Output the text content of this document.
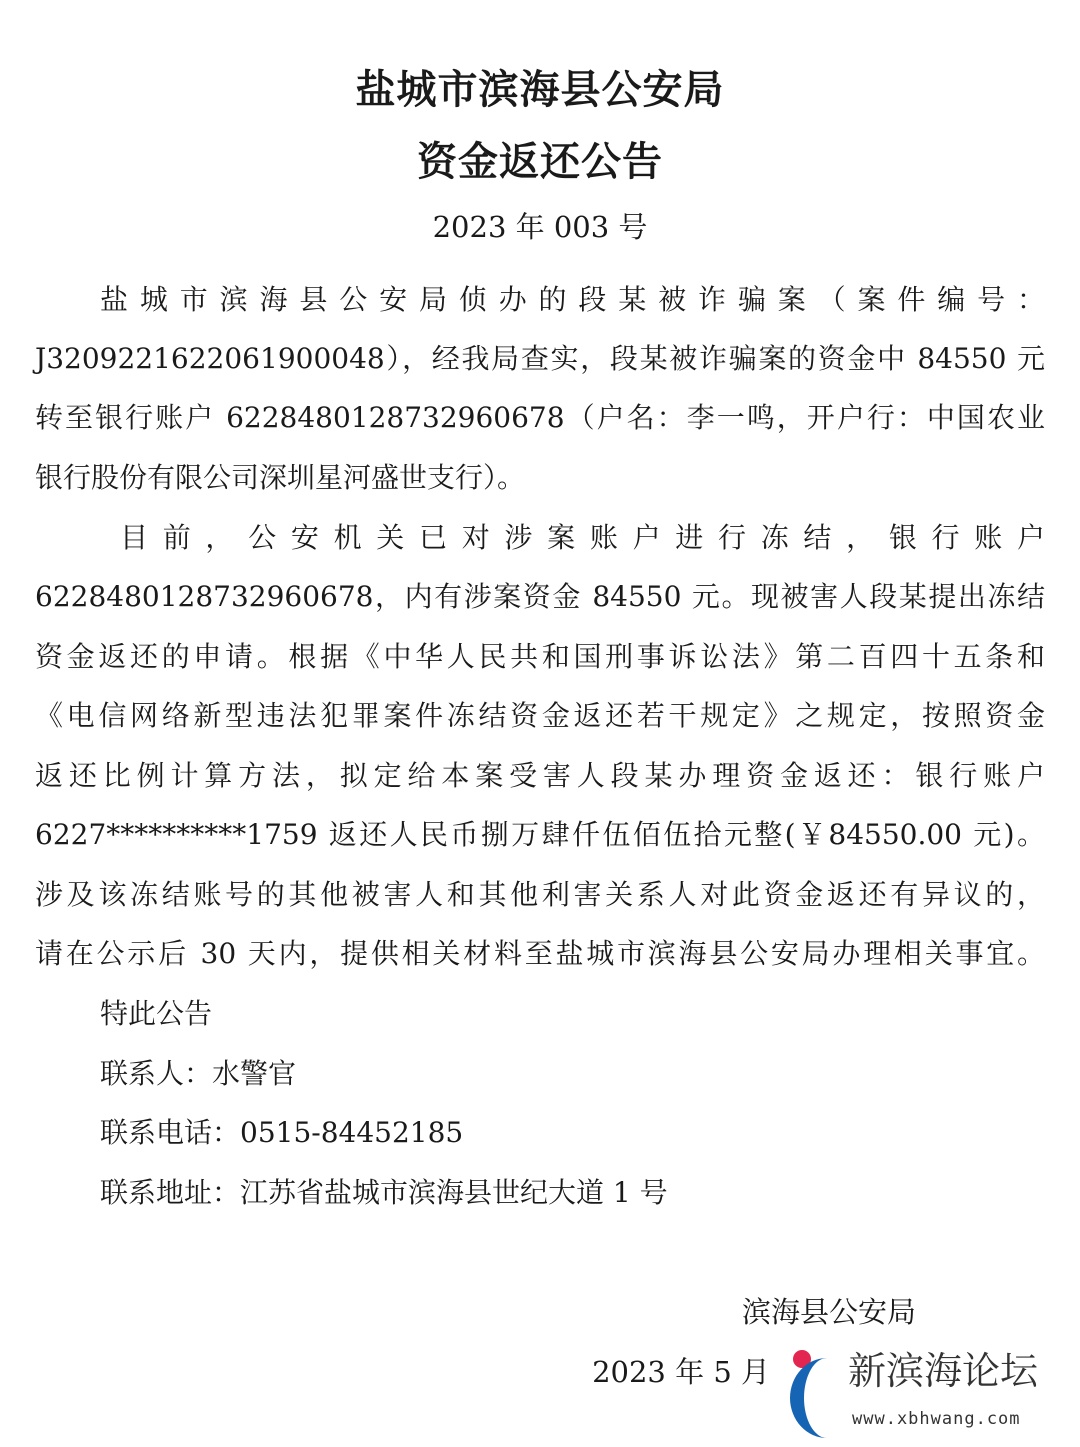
盐城市滨海县公安局
资金返还公告
2023 年 003 号
盐城市滨海县公安局侦办的段某被诈骗案（案件编号：
J3209221622061900048），经我局查实，段某被诈骗案的资金中 84550 元
转至银行账户 6228480128732960678（户名：李一鸣，开户行：中国农业
银行股份有限公司深圳星河盛世支行）。
目前，公安机关已对涉案账户进行冻结，银行账户
6228480128732960678，内有涉案资金 84550 元。现被害人段某提出冻结
资金返还的申请。根据《中华人民共和国刑事诉讼法》第二百四十五条和
《电信网络新型违法犯罪案件冻结资金返还若干规定》之规定，按照资金
返还比例计算方法，拟定给本案受害人段某办理资金返还：银行账户
6227**********1759 返还人民币捌万肆仟伍佰伍拾元整(￥84550.00 元)。
涉及该冻结账号的其他被害人和其他利害关系人对此资金返还有异议的，
请在公示后 30 天内，提供相关材料至盐城市滨海县公安局办理相关事宜。
特此公告
联系人：水警官
联系电话：0515-84452185
联系地址：江苏省盐城市滨海县世纪大道 1 号
滨海县公安局
2023 年 5 月 新滨海论坛
www.xbhwang.com
